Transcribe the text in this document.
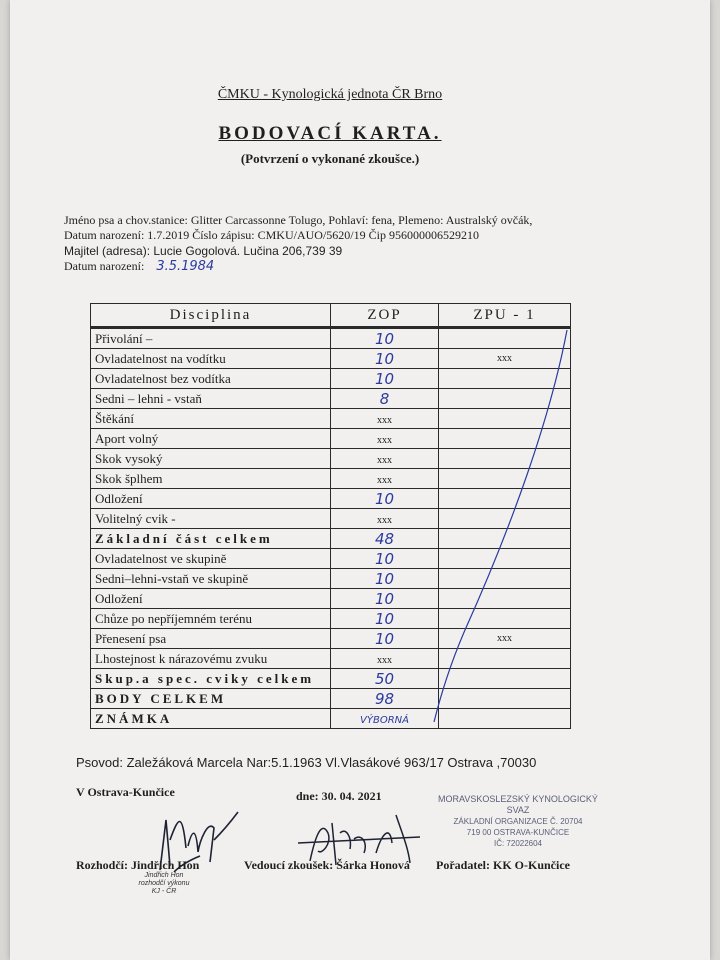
ČMKU - Kynologická jednota ČR Brno
BODOVACÍ KARTA.
(Potvrzení o vykonané zkoušce.)
Jméno psa a chov.stanice: Glitter Carcassonne Tolugo, Pohlaví: fena, Plemeno: Australský ovčák,
Datum narození: 1.7.2019 Číslo zápisu: CMKU/AUO/5620/19 Čip 956000006529210
Majitel (adresa): Lucie Gogolová. Lučina 206,739 39
Datum narození: 3.5.1984
Disciplina	ZOP	ZPU - 1
Přivolání –	10	
Ovladatelnost na vodítku	10	xxx
Ovladatelnost bez vodítka	10	
Sedni – lehni - vstaň	8	
Štěkání	xxx	
Aport volný	xxx	
Skok vysoký	xxx	
Skok šplhem	xxx	
Odložení	10	
Volitelný cvik -	xxx	
Základní část celkem	48	
Ovladatelnost ve skupině	10	
Sedni–lehni-vstaň ve skupině	10	
Odložení	10	
Chůze po nepříjemném terénu	10	
Přenesení psa	10	xxx
Lhostejnost k nárazovému zvuku	xxx	
Skup.a spec. cviky celkem	50	
BODY CELKEM	98	
ZNÁMKA	VÝBORNÁ	
Psovod: Zaležáková Marcela Nar:5.1.1963 Vl.Vlasákové 963/17 Ostrava ,70030
V Ostrava-Kunčice	dne: 30. 04. 2021	MORAVSKOSLEZSKÝ KYNOLOGICKÝ SVAZ
ZÁKLADNÍ ORGANIZACE Č. 20704
719 00 OSTRAVA-KUNČICE
IČ: 72022604
Rozhodčí: Jindřich Hon	Vedoucí zkoušek: Šárka Honová Pořadatel: KK O-Kunčice
Jindřich Hon
rozhodčí výkonu
KJ - ČR
